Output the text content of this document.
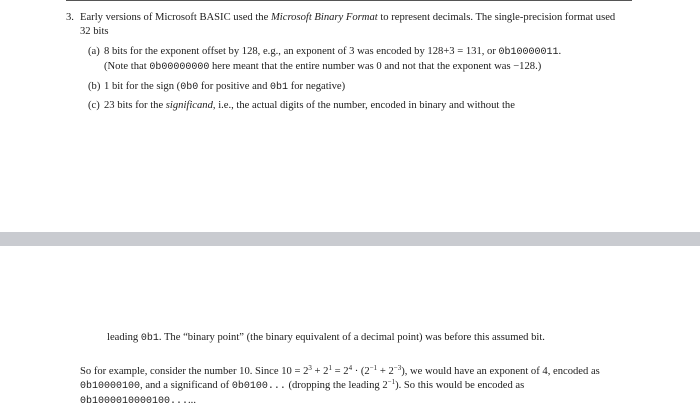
3. Early versions of Microsoft BASIC used the Microsoft Binary Format to represent decimals. The single-precision format used 32 bits
(a) 8 bits for the exponent offset by 128, e.g., an exponent of 3 was encoded by 128+3 = 131, or 0b10000011.
(Note that 0b00000000 here meant that the entire number was 0 and not that the exponent was −128.)
(b) 1 bit for the sign (0b0 for positive and 0b1 for negative)
(c) 23 bits for the significand, i.e., the actual digits of the number, encoded in binary and without the
leading 0b1. The “binary point” (the binary equivalent of a decimal point) was before this assumed bit.
So for example, consider the number 10. Since $10 = 2^3 + 2^1 = 2^4 \cdot (2^{-1} + 2^{-3})$, we would have an exponent of 4, encoded as 0b10000100, and a significand of 0b0100... (dropping the leading $2^{-1}$). So this would be encoded as 0b1000010000100......
